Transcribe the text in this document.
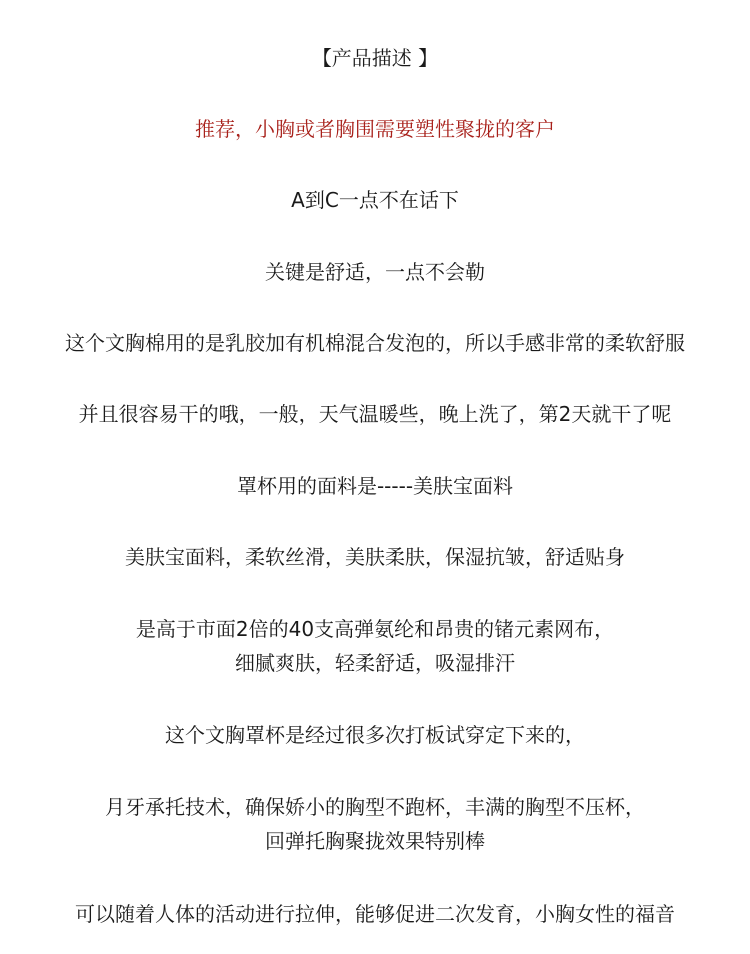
【产品描述 】
推荐，小胸或者胸围需要塑性聚拢的客户
A到C一点不在话下
关键是舒适，一点不会勒
这个文胸棉用的是乳胶加有机棉混合发泡的，所以手感非常的柔软舒服
并且很容易干的哦，一般，天气温暖些，晚上洗了，第2天就干了呢
罩杯用的面料是-----美肤宝面料
美肤宝面料，柔软丝滑，美肤柔肤，保湿抗皱，舒适贴身
是高于市面2倍的40支高弹氨纶和昂贵的锗元素网布，
细腻爽肤，轻柔舒适，吸湿排汗
这个文胸罩杯是经过很多次打板试穿定下来的，
月牙承托技术，确保娇小的胸型不跑杯，丰满的胸型不压杯，
回弹托胸聚拢效果特别棒
可以随着人体的活动进行拉伸，能够促进二次发育，小胸女性的福音
